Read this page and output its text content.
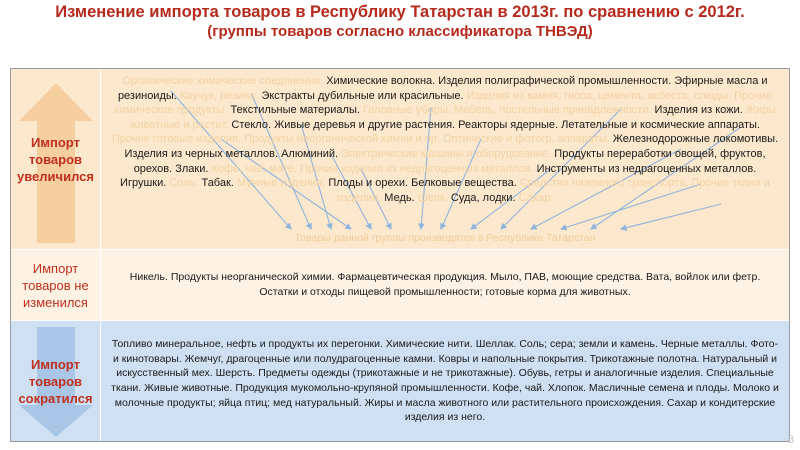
Изменение импорта товаров в Республику Татарстан в 2013г. по сравнению с 2012г.
(группы товаров согласно классификатора ТНВЭД)
Импорт товаров увеличился

Органические химические соединения. Химические волокна. Изделия полиграфической промышленности. Эфирные масла и резиноиды. Каучук, резина. Экстракты дубильные или красильные. Изделия из камня, гипса, цемента, асбеста, слюды. Прочие химические продукты. Текстильные материалы. Головные уборы. Мебель, постельные принадлежности. Изделия из кожи. Жиры животные и растит. Стекло. Живые деревья и другие растения. Реакторы ядерные. Летательные и космические аппараты. Прочие готовые изделия. Продукты неорганической химии и пр. Оптические и фотогр. аппараты. Железнодорожные локомотивы. Изделия из черных металлов. Алюминий. Электрические машины и оборудование. Продукты переработки овощей, фруктов, орехов. Злаки. Кофе, чай, мате. Прочие изделия из недрагоценных металлов. Инструменты из недрагоценных металлов. Игрушки. Соль. Табак. Мучные изделия. Плоды и орехи. Белковые вещества. Средства наземного транспорта. Прочие ткани и изделия. Медь. Шелк. Суда, лодки. Сахар.

Товары данной группы производятся в Республике Татарстан
Импорт товаров не изменился

Никель. Продукты неорганической химии. Фармацевтическая продукция. Мыло, ПАВ, моющие средства. Вата, войлок или фетр. Остатки и отходы пищевой промышленности; готовые корма для животных.

Импорт товаров сократился

Топливо минеральное, нефть и продукты их перегонки. Химические нити. Шеллак. Соль; сера; земли и камень. Черные металлы. Фото- и кинотовары. Жемчуг, драгоценные или полудрагоценные камни. Ковры и напольные покрытия. Трикотажные полотна. Натуральный и искусственный мех. Шерсть. Предметы одежды (трикотажные и не трикотажные). Обувь, гетры и аналогичные изделия. Специальные ткани. Живые животные. Продукция мукомольно-крупяной промышленности. Кофе, чай. Хлопок. Масличные семена и плоды. Молоко и молочные продукты; яйца птиц; мед натуральный. Жиры и масла животного или растительного происхождения. Сахар и кондитерские изделия из него.

8
